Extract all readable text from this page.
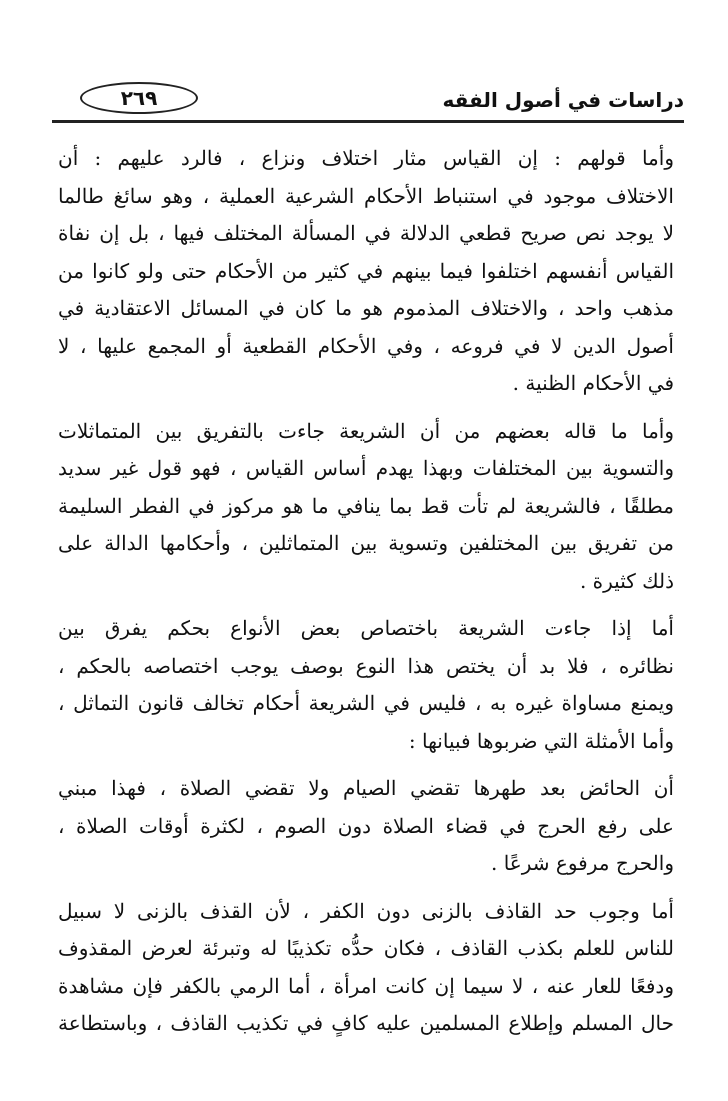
دراسات في أصول الفقه
٢٦٩
وأما قولهم : إن القياس مثار اختلاف ونزاع ، فالرد عليهم : أن
الاختلاف موجود في استنباط الأحكام الشرعية العملية ، وهو سائغ طالما
لا يوجد نص صريح قطعي الدلالة في المسألة المختلف فيها ، بل إن نفاة
القياس أنفسهم اختلفوا فيما بينهم في كثير من الأحكام حتى ولو كانوا من
مذهب واحد ، والاختلاف المذموم هو ما كان في المسائل الاعتقادية في
أصول الدين لا في فروعه ، وفي الأحكام القطعية أو المجمع عليها ، لا
في الأحكام الظنية .
وأما ما قاله بعضهم من أن الشريعة جاءت بالتفريق بين المتماثلات
والتسوية بين المختلفات وبهذا يهدم أساس القياس ، فهو قول غير سديد
مطلقًا ، فالشريعة لم تأت قط بما ينافي ما هو مركوز في الفطر السليمة
من تفريق بين المختلفين وتسوية بين المتماثلين ، وأحكامها الدالة على
ذلك كثيرة .
أما إذا جاءت الشريعة باختصاص بعض الأنواع بحكم يفرق بين
نظائره ، فلا بد أن يختص هذا النوع بوصف يوجب اختصاصه بالحكم ،
ويمنع مساواة غيره به ، فليس في الشريعة أحكام تخالف قانون التماثل ،
وأما الأمثلة التي ضربوها فبيانها :
أن الحائض بعد طهرها تقضي الصيام ولا تقضي الصلاة ، فهذا مبني
على رفع الحرج في قضاء الصلاة دون الصوم ، لكثرة أوقات الصلاة ،
والحرج مرفوع شرعًا .
أما وجوب حد القاذف بالزنى دون الكفر ، لأن القذف بالزنى لا سبيل
للناس للعلم بكذب القاذف ، فكان حدُّه تكذيبًا له وتبرئة لعرض المقذوف
ودفعًا للعار عنه ، لا سيما إن كانت امرأة ، أما الرمي بالكفر فإن مشاهدة
حال المسلم وإطلاع المسلمين عليه كافٍ في تكذيب القاذف ، وباستطاعة
